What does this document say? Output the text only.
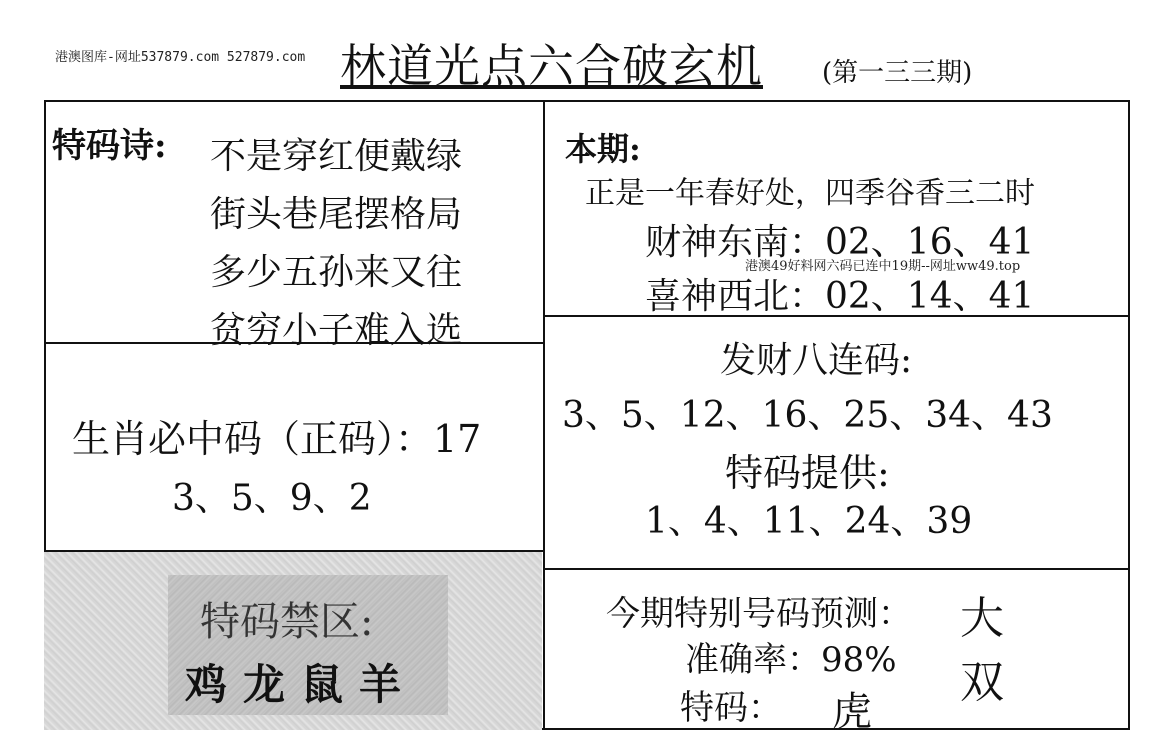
港澳图库-网址537879.com 527879.com 林道光点六合破玄机 (第一三三期)
特码诗: 不是穿红便戴绿
街头巷尾摆格局
多少五孙来又往
贫穷小子难入选
本期:
正是一年春好处，四季谷香三二时
财神东南：02、16、41
港澳49好料网六码已连中19期--网址ww49.top
喜神西北：02、14、41
发财八连码:
3、5、12、16、25、34、43
特码提供:
1、4、11、24、39
生肖必中码（正码）：17
3、5、9、2
特码禁区:
鸡龙鼠羊
今期特别号码预测： 大 双
准确率：98%
特码： 虎
